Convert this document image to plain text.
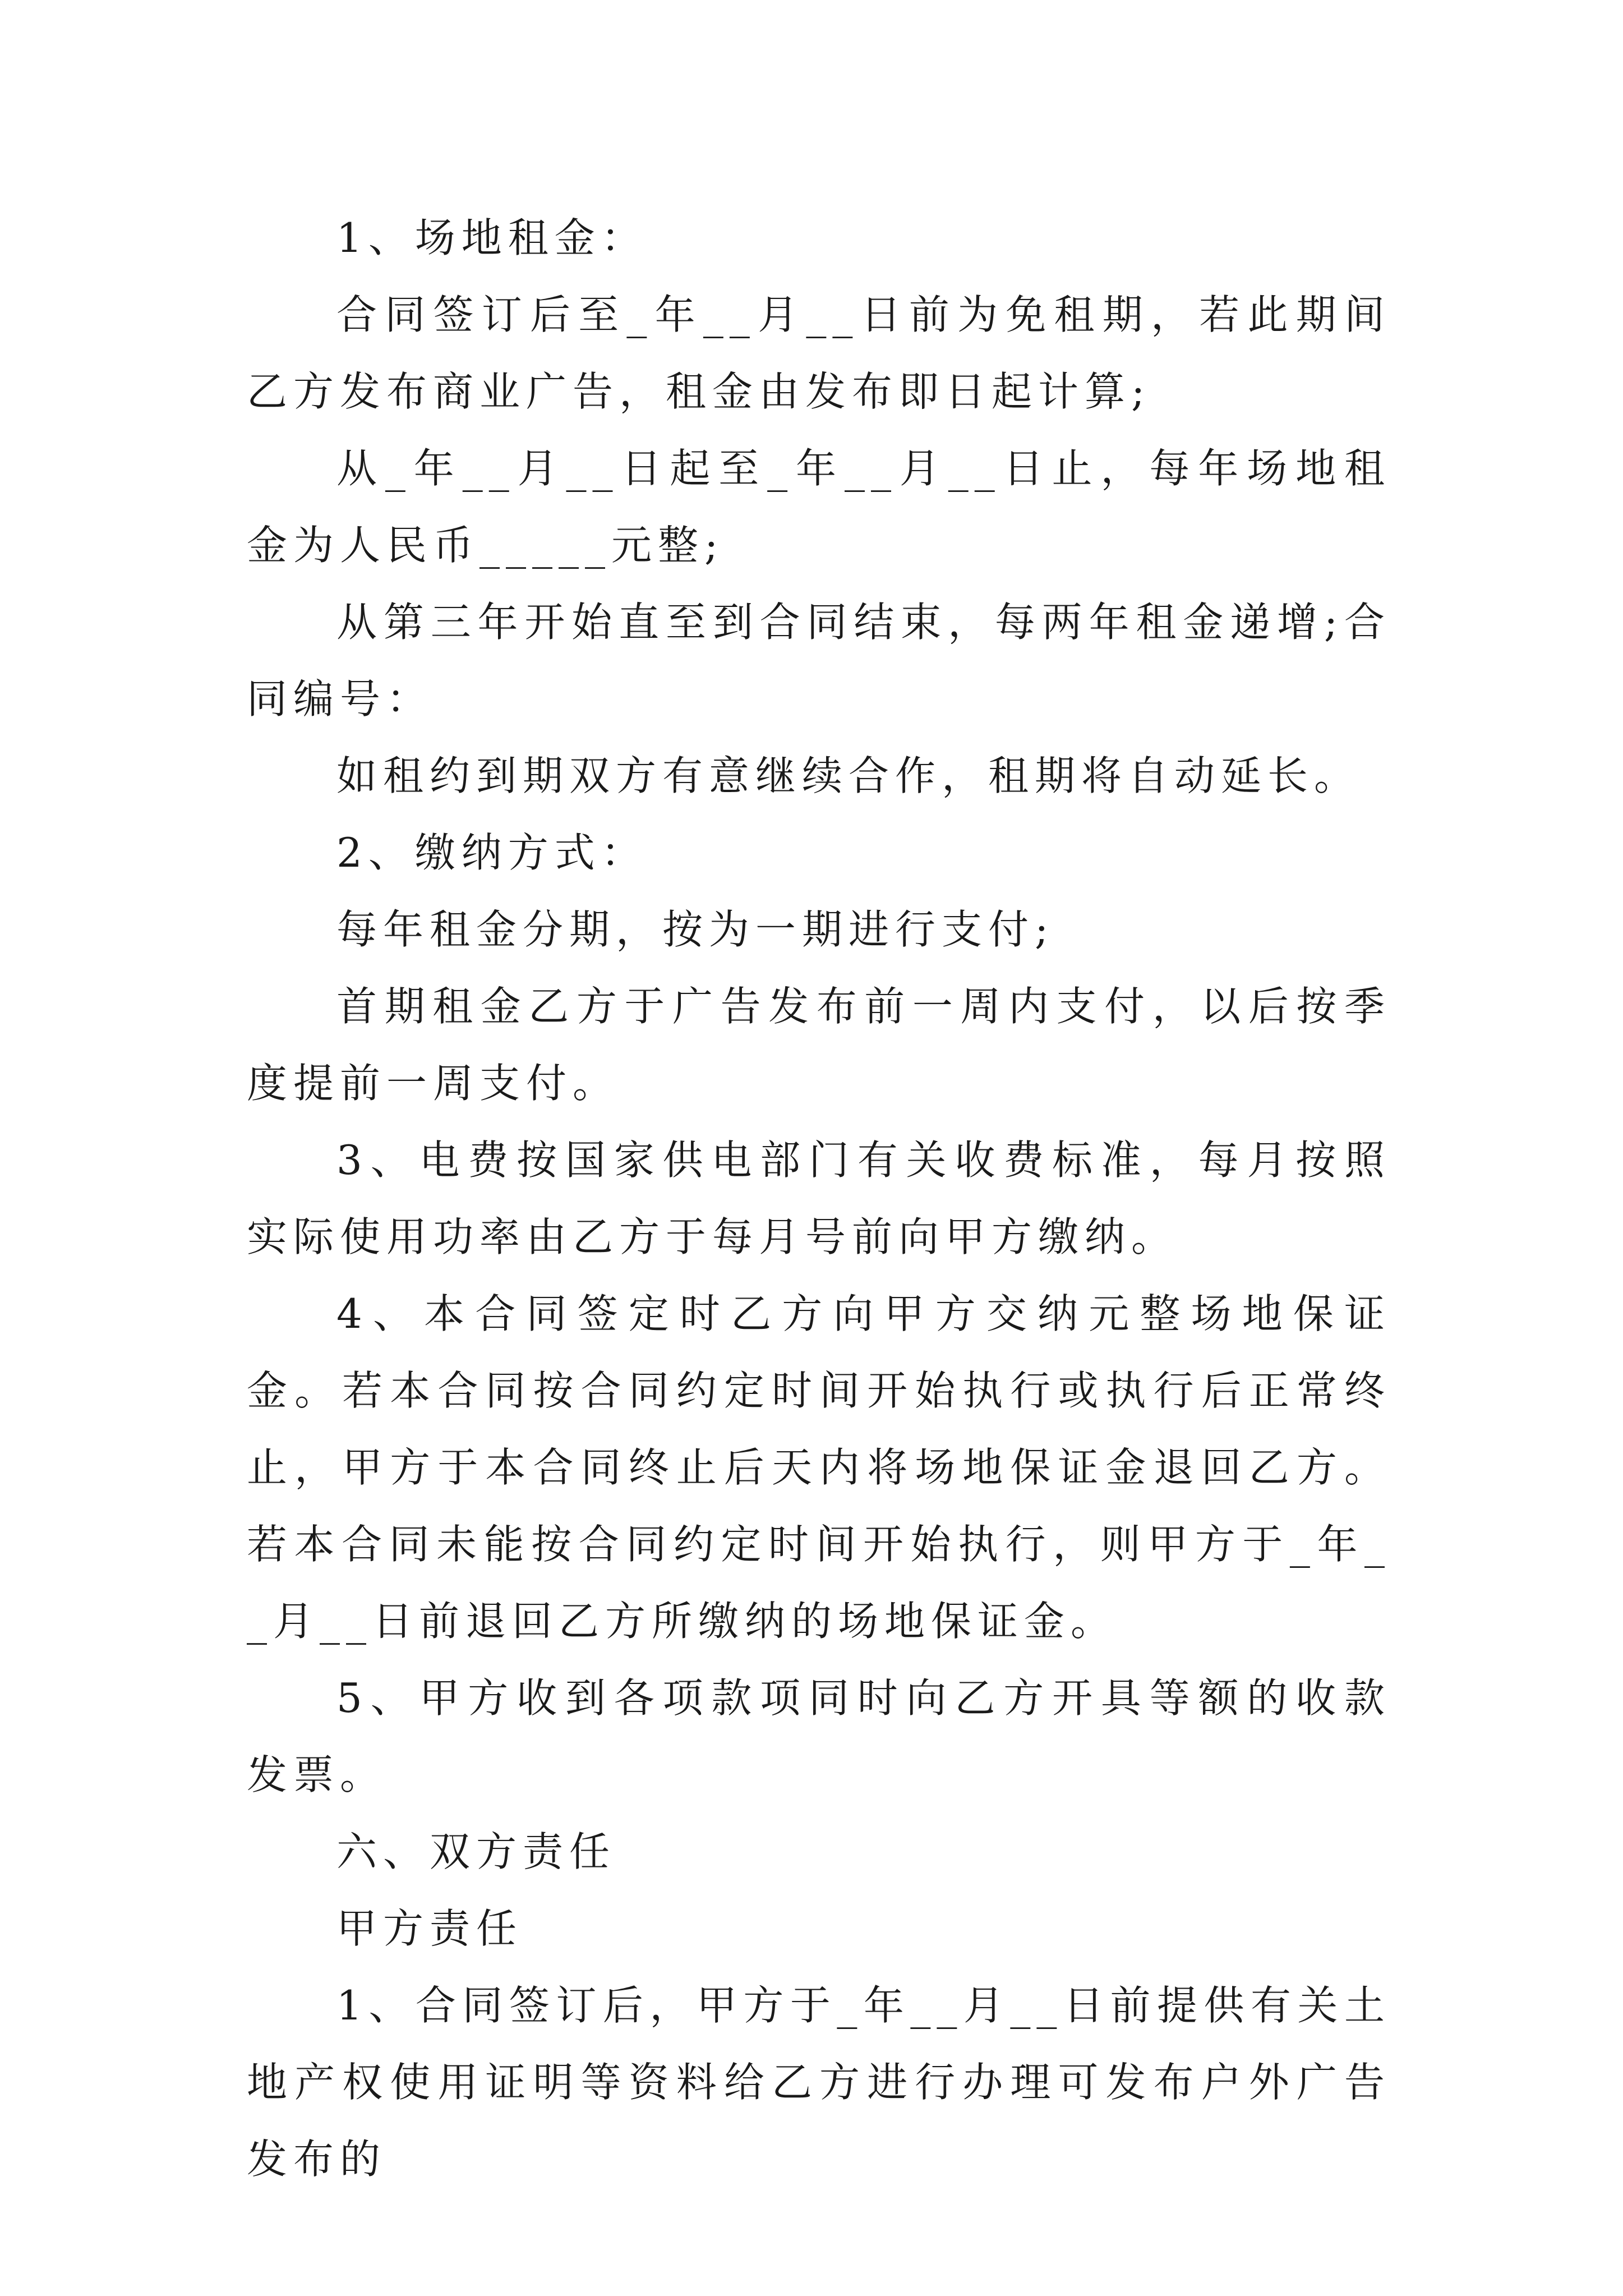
1、场地租金：

合同签订后至_年__月__日前为免租期，若此期间乙方发布商业广告，租金由发布即日起计算;

从_年__月__日起至_年__月__日止，每年场地租金为人民币_____元整;

从第三年开始直至到合同结束，每两年租金递增;合同编号：

如租约到期双方有意继续合作，租期将自动延长。

2、缴纳方式：

每年租金分期，按为一期进行支付;

首期租金乙方于广告发布前一周内支付，以后按季度提前一周支付。

3、电费按国家供电部门有关收费标准，每月按照实际使用功率由乙方于每月号前向甲方缴纳。

4、本合同签定时乙方向甲方交纳元整场地保证金。若本合同按合同约定时间开始执行或执行后正常终止，甲方于本合同终止后天内将场地保证金退回乙方。若本合同未能按合同约定时间开始执行，则甲方于_年__月__日前退回乙方所缴纳的场地保证金。

5、甲方收到各项款项同时向乙方开具等额的收款发票。

六、双方责任

甲方责任

1、合同签订后，甲方于_年__月__日前提供有关土地产权使用证明等资料给乙方进行办理可发布户外广告发布的
